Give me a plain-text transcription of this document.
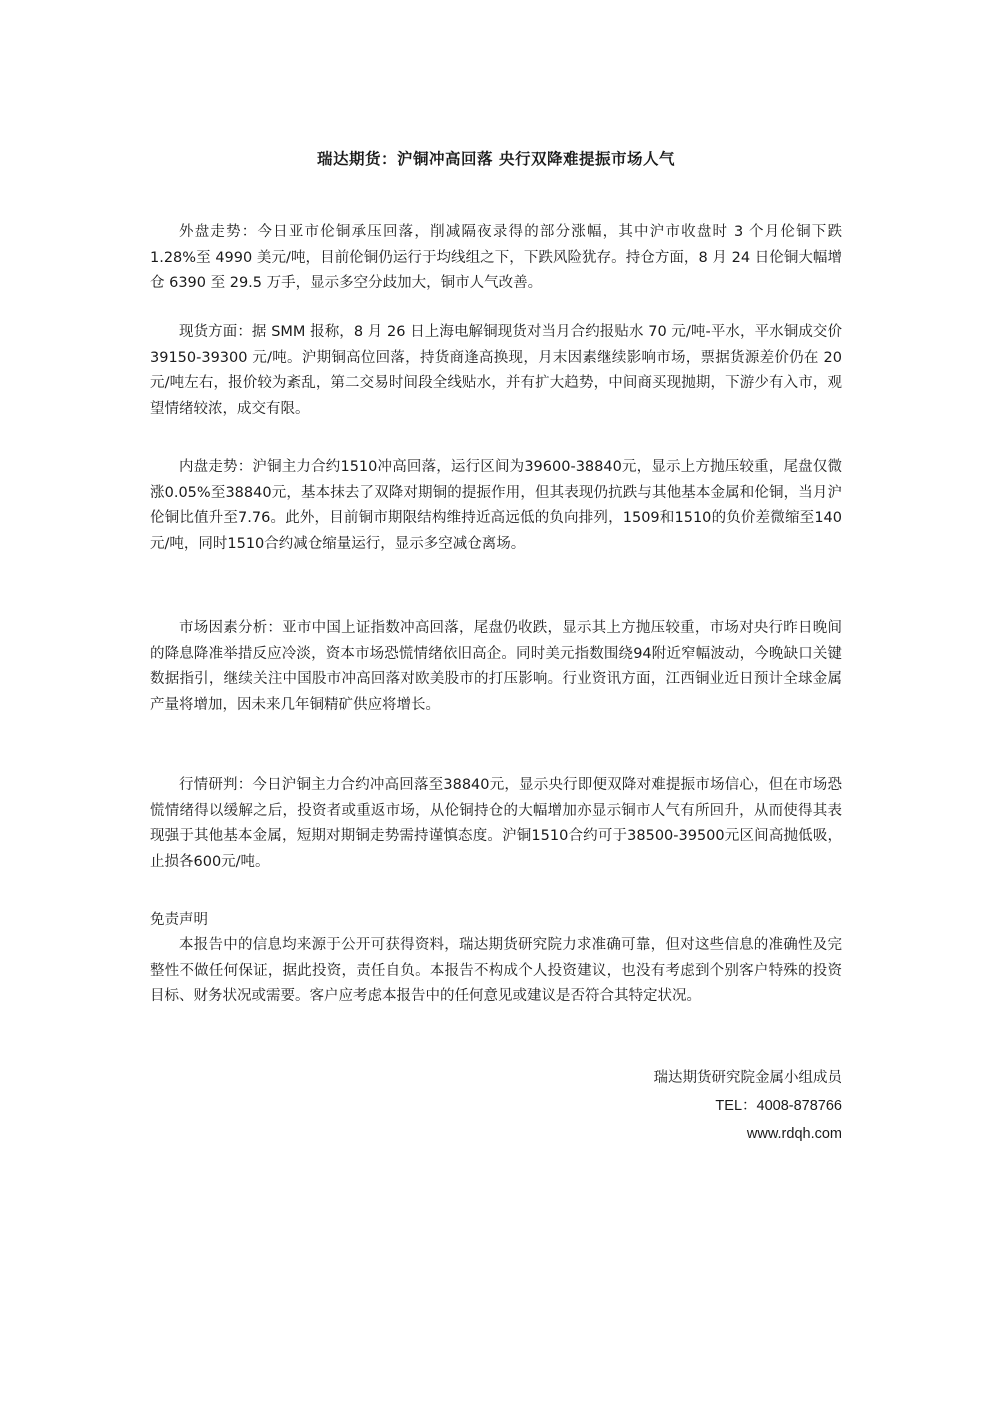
瑞达期货：沪铜冲高回落 央行双降难提振市场人气

外盘走势：今日亚市伦铜承压回落，削减隔夜录得的部分涨幅，其中沪市收盘时 3 个月伦铜下跌 1.28%至 4990 美元/吨，目前伦铜仍运行于均线组之下，下跌风险犹存。持仓方面，8 月 24 日伦铜大幅增仓 6390 至 29.5 万手，显示多空分歧加大，铜市人气改善。

现货方面：据 SMM 报称，8 月 26 日上海电解铜现货对当月合约报贴水 70 元/吨-平水，平水铜成交价 39150-39300 元/吨。沪期铜高位回落，持货商逢高换现，月末因素继续影响市场，票据货源差价仍在 20 元/吨左右，报价较为紊乱，第二交易时间段全线贴水，并有扩大趋势，中间商买现抛期，下游少有入市，观望情绪较浓，成交有限。

内盘走势：沪铜主力合约1510冲高回落，运行区间为39600-38840元，显示上方抛压较重，尾盘仅微涨0.05%至38840元，基本抹去了双降对期铜的提振作用，但其表现仍抗跌与其他基本金属和伦铜，当月沪伦铜比值升至7.76。此外，目前铜市期限结构维持近高远低的负向排列，1509和1510的负价差微缩至140元/吨，同时1510合约减仓缩量运行，显示多空减仓离场。

市场因素分析：亚市中国上证指数冲高回落，尾盘仍收跌，显示其上方抛压较重，市场对央行昨日晚间的降息降准举措反应冷淡，资本市场恐慌情绪依旧高企。同时美元指数围绕94附近窄幅波动，今晚缺口关键数据指引，继续关注中国股市冲高回落对欧美股市的打压影响。行业资讯方面，江西铜业近日预计全球金属产量将增加，因未来几年铜精矿供应将增长。

行情研判：今日沪铜主力合约冲高回落至38840元，显示央行即便双降对难提振市场信心，但在市场恐慌情绪得以缓解之后，投资者或重返市场，从伦铜持仓的大幅增加亦显示铜市人气有所回升，从而使得其表现强于其他基本金属，短期对期铜走势需持谨慎态度。沪铜1510合约可于38500-39500元区间高抛低吸，止损各600元/吨。

免责声明

本报告中的信息均来源于公开可获得资料，瑞达期货研究院力求准确可靠，但对这些信息的准确性及完整性不做任何保证，据此投资，责任自负。本报告不构成个人投资建议，也没有考虑到个别客户特殊的投资目标、财务状况或需要。客户应考虑本报告中的任何意见或建议是否符合其特定状况。

瑞达期货研究院金属小组成员
TEL：4008-878766
www.rdqh.com
